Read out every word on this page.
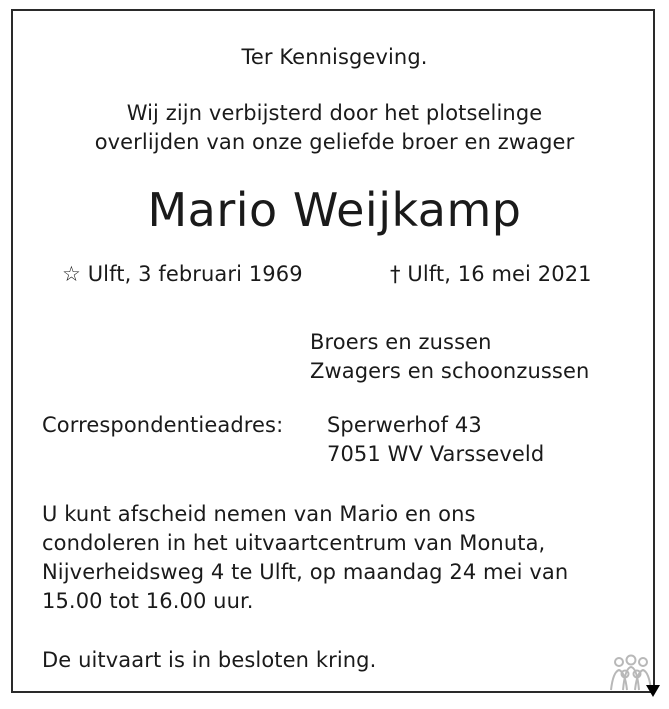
Ter Kennisgeving.
Wij zijn verbijsterd door het plotselinge
overlijden van onze geliefde broer en zwager
Mario Weijkamp
☆ Ulft, 3 februari 1969	† Ulft, 16 mei 2021
Broers en zussen
Zwagers en schoonzussen
Correspondentieadres: Sperwerhof 43
7051 WV Varsseveld
U kunt afscheid nemen van Mario en ons
condoleren in het uitvaartcentrum van Monuta,
Nijverheidsweg 4 te Ulft, op maandag 24 mei van
15.00 tot 16.00 uur.
De uitvaart is in besloten kring.
